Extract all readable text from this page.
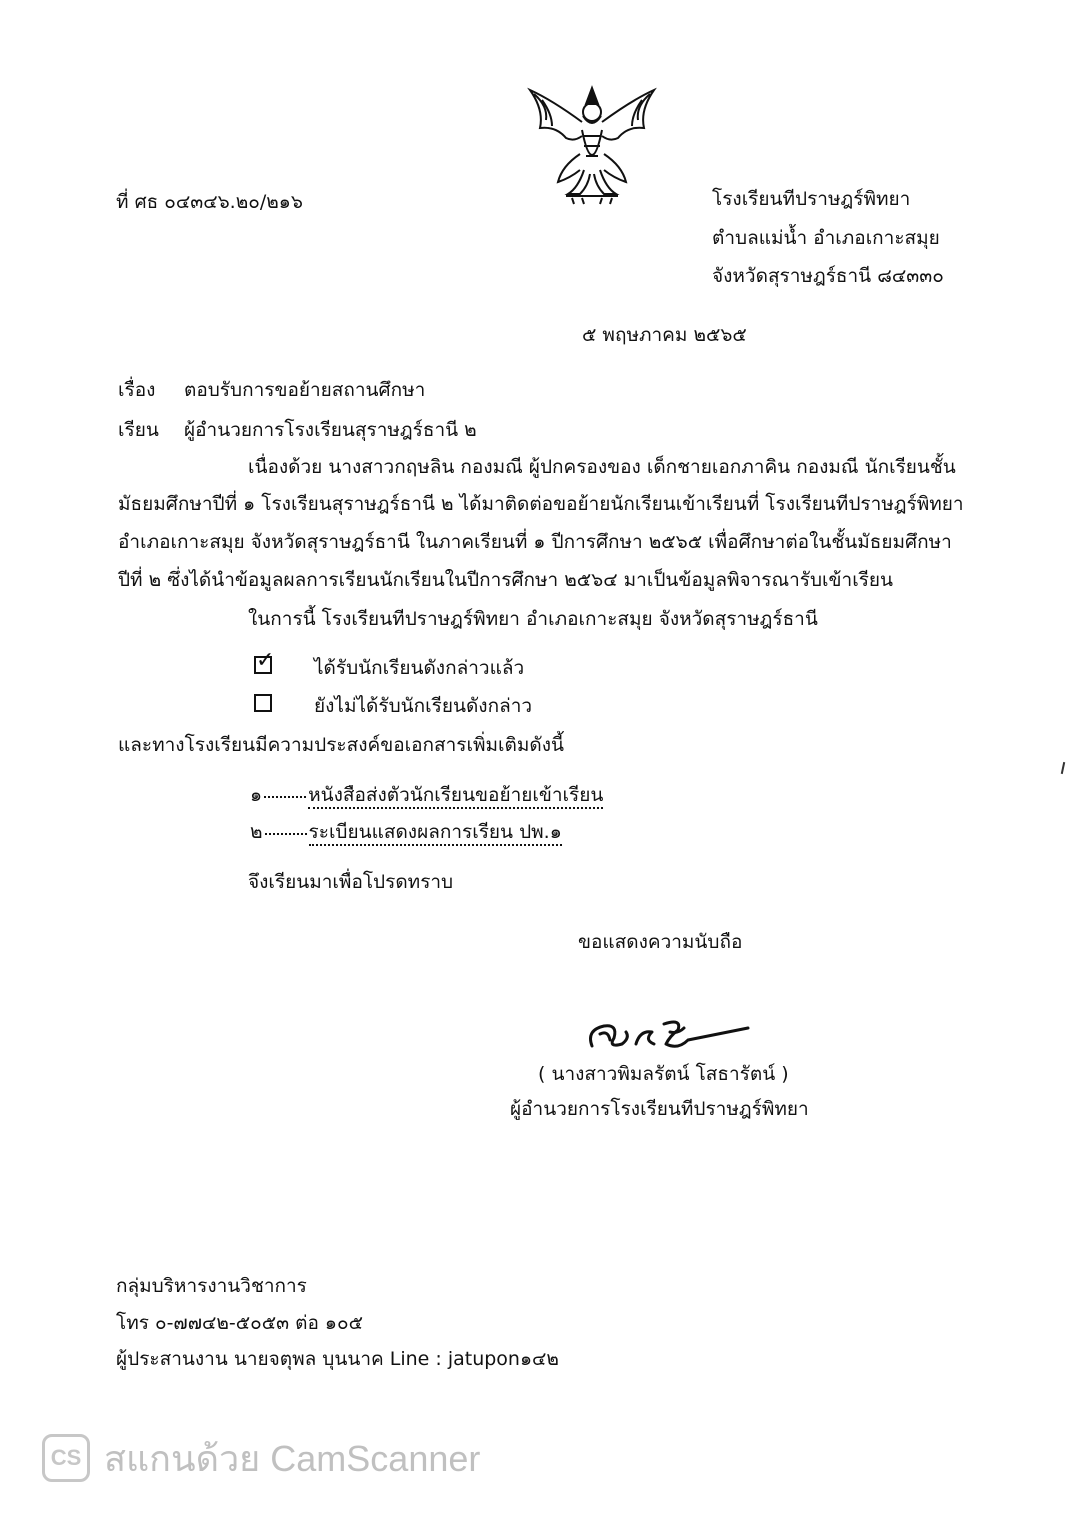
ที่ ศธ ๐๔๓๔๖.๒๐/๒๑๖	โรงเรียนทีปราษฎร์พิทยา
ตำบลแม่น้ำ อำเภอเกาะสมุย
จังหวัดสุราษฎร์ธานี ๘๔๓๓๐
๕ พฤษภาคม ๒๕๖๕
เรื่อง ตอบรับการขอย้ายสถานศึกษา
เรียน ผู้อำนวยการโรงเรียนสุราษฎร์ธานี ๒
เนื่องด้วย นางสาวกฤษลิน กองมณี ผู้ปกครองของ เด็กชายเอกภาคิน กองมณี นักเรียนชั้น
มัธยมศึกษาปีที่ ๑ โรงเรียนสุราษฎร์ธานี ๒ ได้มาติดต่อขอย้ายนักเรียนเข้าเรียนที่ โรงเรียนทีปราษฎร์พิทยา
อำเภอเกาะสมุย จังหวัดสุราษฎร์ธานี ในภาคเรียนที่ ๑ ปีการศึกษา ๒๕๖๕ เพื่อศึกษาต่อในชั้นมัธยมศึกษา
ปีที่ ๒ ซึ่งได้นำข้อมูลผลการเรียนนักเรียนในปีการศึกษา ๒๕๖๔ มาเป็นข้อมูลพิจารณารับเข้าเรียน
ในการนี้ โรงเรียนทีปราษฎร์พิทยา อำเภอเกาะสมุย จังหวัดสุราษฎร์ธานี
✓ ได้รับนักเรียนดังกล่าวแล้ว
ยังไม่ได้รับนักเรียนดังกล่าว
และทางโรงเรียนมีความประสงค์ขอเอกสารเพิ่มเติมดังนี้
๑ หนังสือส่งตัวนักเรียนขอย้ายเข้าเรียน
๒ ระเบียนแสดงผลการเรียน ปพ.๑
จึงเรียนมาเพื่อโปรดทราบ
ขอแสดงความนับถือ
( นางสาวพิมลรัตน์ โสธารัตน์ )
ผู้อำนวยการโรงเรียนทีปราษฎร์พิทยา
กลุ่มบริหารงานวิชาการ
โทร ๐-๗๗๔๒-๕๐๕๓ ต่อ ๑๐๕
ผู้ประสานงาน นายจตุพล บุนนาค Line : jatupon๑๔๒
CS สแกนด้วย CamScanner
